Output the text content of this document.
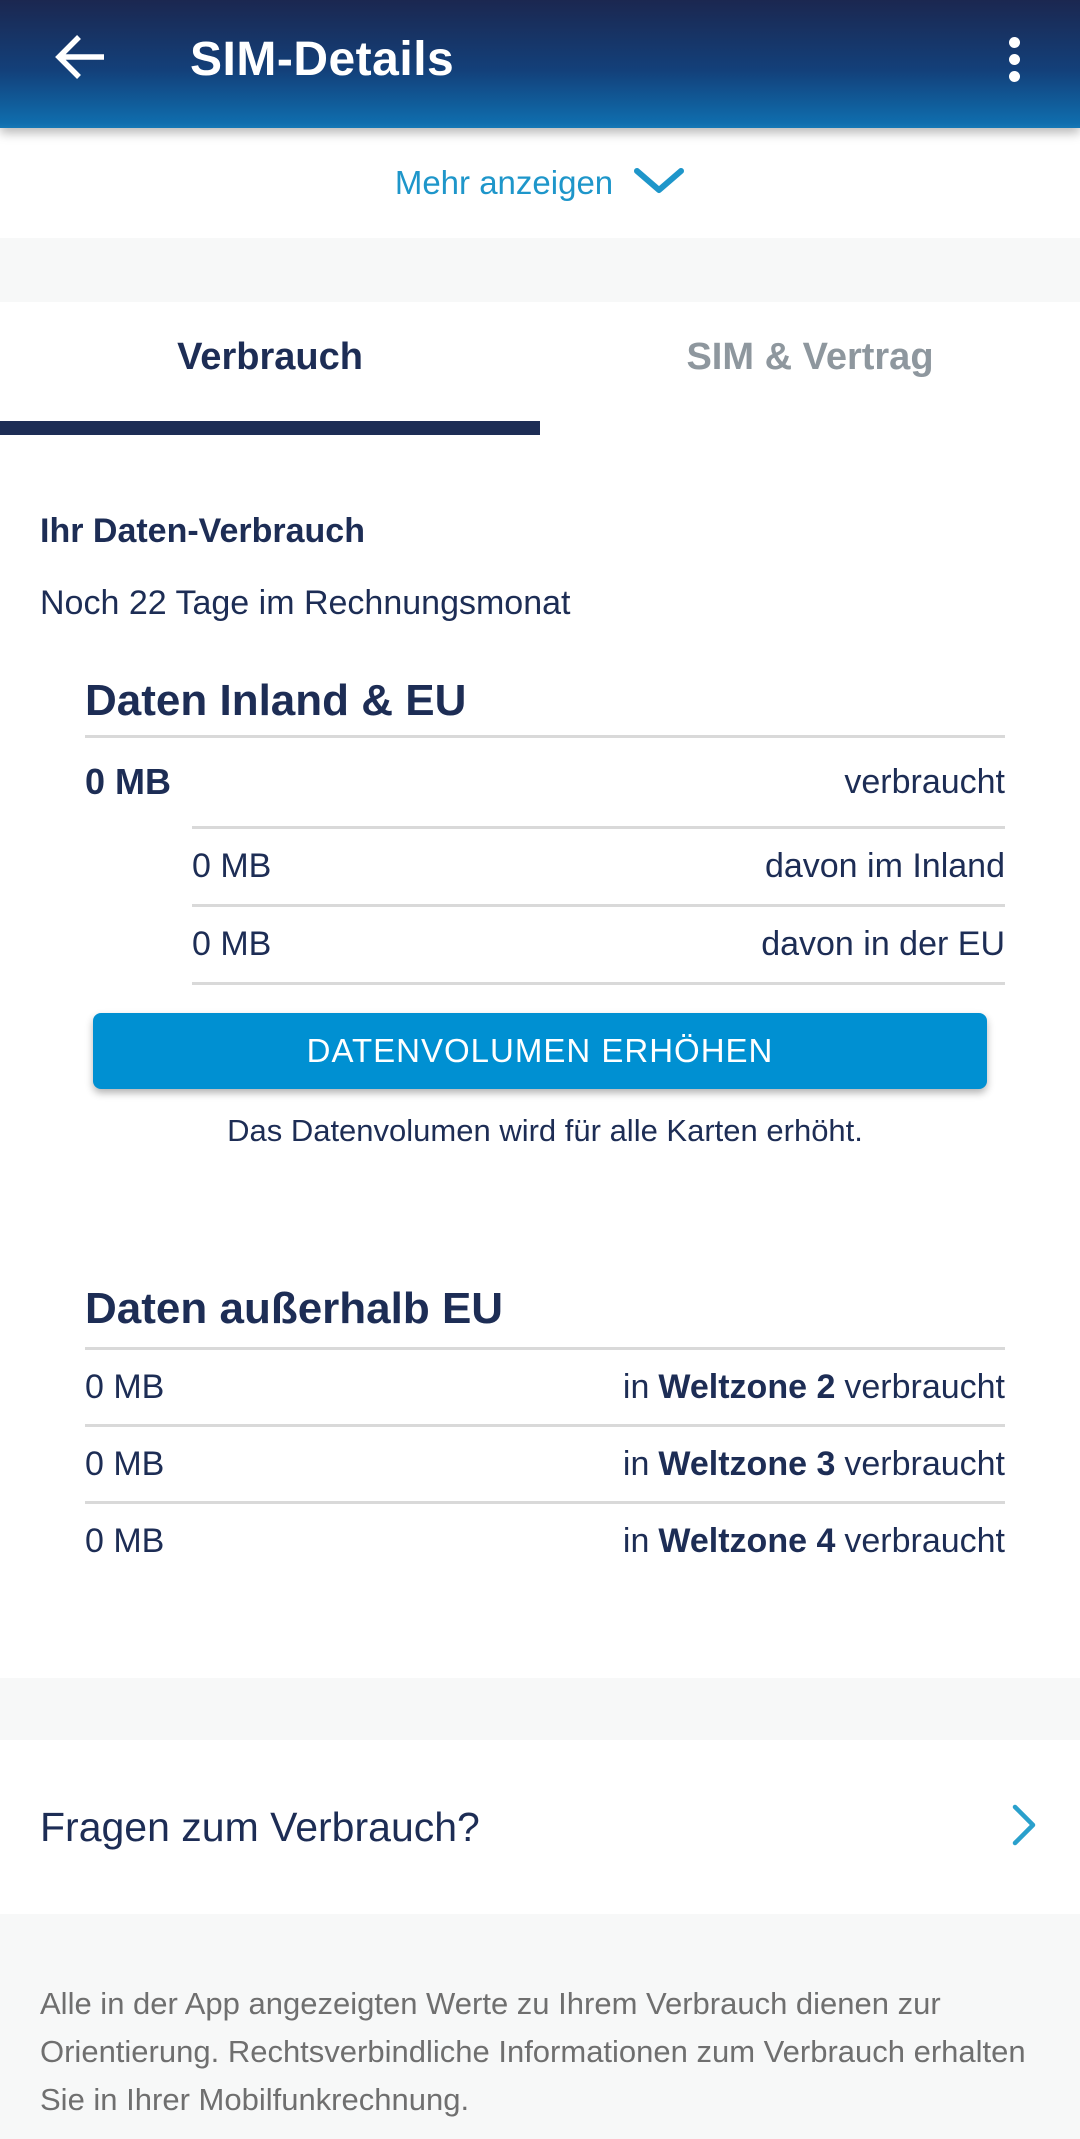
SIM-Details
Mehr anzeigen
Verbrauch	SIM & Vertrag
Ihr Daten-Verbrauch

Noch 22 Tage im Rechnungsmonat

Daten Inland & EU
0 MB	verbraucht
0 MB	davon im Inland
0 MB	davon in der EU
DATENVOLUMEN ERHÖHEN

Das Datenvolumen wird für alle Karten erhöht.

Daten außerhalb EU
0 MB	in Weltzone 2 verbraucht
0 MB	in Weltzone 3 verbraucht
0 MB	in Weltzone 4 verbraucht
Fragen zum Verbrauch?

Alle in der App angezeigten Werte zu Ihrem Verbrauch dienen zur Orientierung. Rechtsverbindliche Informationen zum Verbrauch erhalten Sie in Ihrer Mobilfunkrechnung.
